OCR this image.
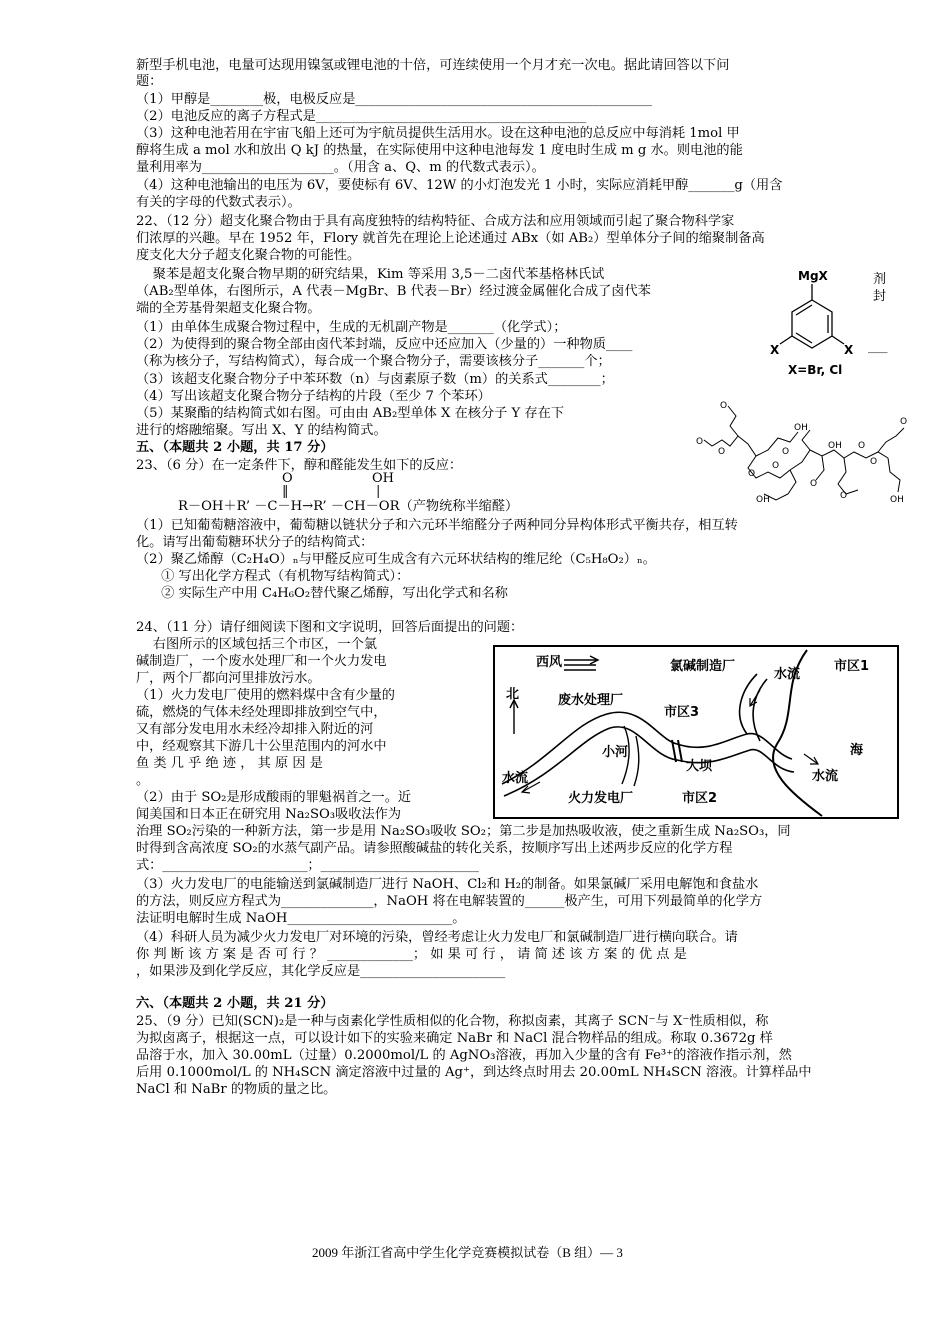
新型手机电池，电量可达现用镍氢或锂电池的十倍，可连续使用一个月才充一次电。据此请回答以下问
题：
（1）甲醇是________极，电极反应是_____________________________________________
（2）电池反应的离子方程式是_________________________________________
（3）这种电池若用在宇宙飞船上还可为宇航员提供生活用水。设在这种电池的总反应中每消耗 1mol 甲
醇将生成 a mol 水和放出 Q kJ 的热量，在实际使用中这种电池每发 1 度电时生成 m g 水。则电池的能
量利用率为____________________。（用含 a、Q、m 的代数式表示）。
（4）这种电池输出的电压为 6V，要使标有 6V、12W 的小灯泡发光 1 小时，实际应消耗甲醇_______g（用含
有关的字母的代数式表示）。
22、（12 分）超支化聚合物由于具有高度独特的结构特征、合成方法和应用领域而引起了聚合物科学家
们浓厚的兴趣。早在 1952 年，Flory 就首先在理论上论述通过 ABx（如 AB₂）型单体分子间的缩聚制备高
度支化大分子超支化聚合物的可能性。
聚苯是超支化聚合物早期的研究结果，Kim 等采用 3,5－二卤代苯基格林氏试
（AB₂型单体，右图所示，A 代表－MgBr、B 代表－Br）经过渡金属催化合成了卤代苯
端的全芳基骨架超支化聚合物。
（1）由单体生成聚合物过程中，生成的无机副产物是_______（化学式）；
（2）为使得到的聚合物全部由卤代苯封端，反应中还应加入（少量的）一种物质____
（称为核分子，写结构简式），每合成一个聚合物分子，需要该核分子_______个；
（3）该超支化聚合物分子中苯环数（n）与卤素原子数（m）的关系式________；
（4）写出该超支化聚合物分子结构的片段（至少 7 个苯环）
（5）某聚酯的结构简式如右图。可由由 AB₂型单体 X 在核分子 Y 存在下
进行的熔融缩聚。写出 X、Y 的结构简式。
五、（本题共 2 小题，共 17 分）
23、（6 分）在一定条件下，醇和醛能发生如下的反应：
O	OH
‖	|
R－OH＋R’ －C－H→R’ －CH－OR（产物统称半缩醛）
（1）已知葡萄糖溶液中，葡萄糖以链状分子和六元环半缩醛分子两种同分异构体形式平衡共存，相互转
化。请写出葡萄糖环状分子的结构简式：
（2）聚乙烯醇（C₂H₄O）ₙ与甲醛反应可生成含有六元环状结构的维尼纶（C₅H₈O₂）ₙ。
① 写出化学方程式（有机物写结构简式）：
② 实际生产中用 C₄H₆O₂替代聚乙烯醇，写出化学式和名称
24、（11 分）请仔细阅读下图和文字说明，回答后面提出的问题：
右图所示的区域包括三个市区，一个氯
碱制造厂，一个废水处理厂和一个火力发电
厂，两个厂都向河里排放污水。
（1）火力发电厂使用的燃料煤中含有少量的
硫，燃烧的气体未经处理即排放到空气中，
又有部分发电用水未经冷却排入附近的河
中，经观察其下游几十公里范围内的河水中
鱼 类 几 乎 绝 迹 ， 其 原 因 是
。
（2）由于 SO₂是形成酸雨的罪魁祸首之一。近
闻美国和日本正在研究用 Na₂SO₃吸收法作为
治理 SO₂污染的一种新方法，第一步是用 Na₂SO₃吸收 SO₂；第二步是加热吸收液，使之重新生成 Na₂SO₃，同
时得到含高浓度 SO₂的水蒸气副产品。请参照酸碱盐的转化关系，按顺序写出上述两步反应的化学方程
式：______________________；________________________
（3）火力发电厂的电能输送到氯碱制造厂进行 NaOH、Cl₂和 H₂的制备。如果氯碱厂采用电解饱和食盐水
的方法，则反应方程式为______________，NaOH 将在电解装置的______极产生，可用下列最简单的化学方
法证明电解时生成 NaOH_________________________。
（4）科研人员为减少火力发电厂对环境的污染，曾经考虑让火力发电厂和氯碱制造厂进行横向联合。请
你 判 断 该 方 案 是 否 可 行 ？ _____________； 如 果 可 行 ， 请 简 述 该 方 案 的 优 点 是
，如果涉及到化学反应，其化学反应是______________________
六、（本题共 2 小题，共 21 分）
25、（9 分）已知(SCN)₂是一种与卤素化学性质相似的化合物，称拟卤素，其离子 SCN⁻与 X⁻性质相似，称
为拟卤离子，根据这一点，可以设计如下的实验来确定 NaBr 和 NaCl 混合物样品的组成。称取 0.3672g 样
品溶于水，加入 30.00mL（过量）0.2000mol/L 的 AgNO₃溶液，再加入少量的含有 Fe³⁺的溶液作指示剂，然
后用 0.1000mol/L 的 NH₄SCN 滴定溶液中过量的 Ag⁺，到达终点时用去 20.00mL NH₄SCN 溶液。计算样品中
NaCl 和 NaBr 的物质的量之比。
剂
封
___
MgX
X	X
X=Br, Cl
O
OH
O
O	O
OH
O
O
O
O
OH	O
O
OH
O
西风	氯碱制造厂
水流
市区1
北	废水处理厂
市区3
小河
大坝
海
水流	水流
火力发电厂	市区2
2009 年浙江省高中学生化学竞赛模拟试卷（B 组）— 3
